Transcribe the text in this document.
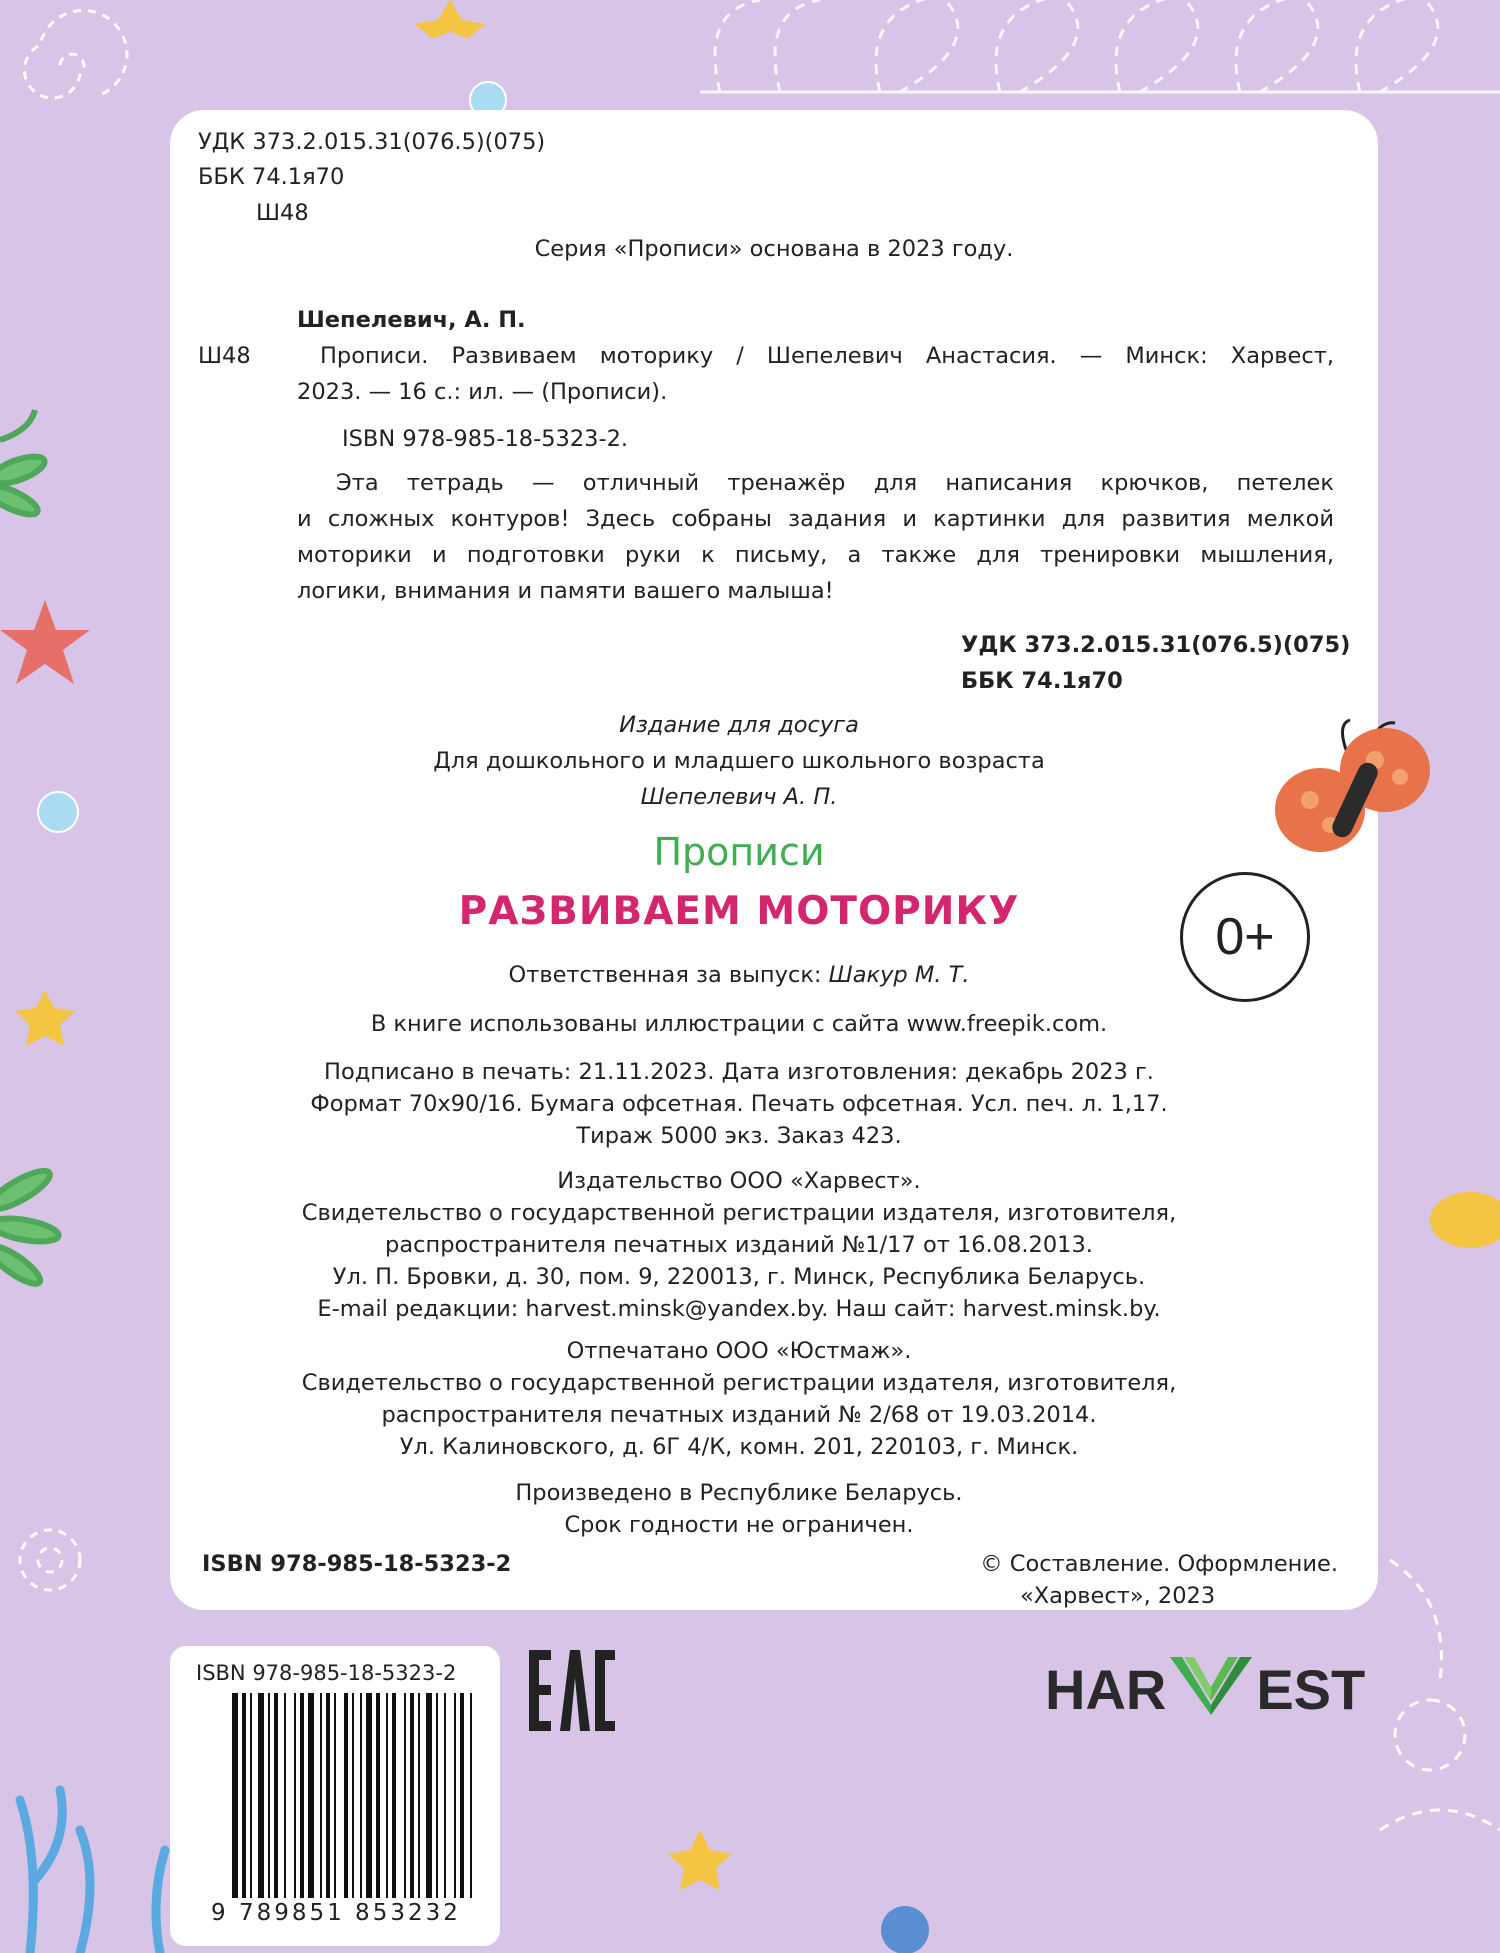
УДК 373.2.015.31(076.5)(075)
ББК 74.1я70
Ш48
Серия «Прописи» основана в 2023 году.
Шепелевич, А. П.
Ш48	Прописи. Развиваем моторику / Шепелевич Анастасия. — Минск: Харвест,
2023. — 16 с.: ил. — (Прописи).
ISBN 978-985-18-5323-2.
Эта тетрадь — отличный тренажёр для написания крючков, петелек
и сложных контуров! Здесь собраны задания и картинки для развития мелкой
моторики и подготовки руки к письму, а также для тренировки мышления,
логики, внимания и памяти вашего малыша!
УДК 373.2.015.31(076.5)(075)
ББК 74.1я70
Издание для досуга
Для дошкольного и младшего школьного возраста
Шепелевич А. П.
Прописи
РАЗВИВАЕМ МОТОРИКУ	0+
Ответственная за выпуск: Шакур М. Т.
В книге использованы иллюстрации с сайта www.freepik.com.
Подписано в печать: 21.11.2023. Дата изготовления: декабрь 2023 г.
Формат 70х90/16. Бумага офсетная. Печать офсетная. Усл. печ. л. 1,17.
Тираж 5000 экз. Заказ 423.
Издательство ООО «Харвест».
Свидетельство о государственной регистрации издателя, изготовителя,
распространителя печатных изданий №1/17 от 16.08.2013.
Ул. П. Бровки, д. 30, пом. 9, 220013, г. Минск, Республика Беларусь.
E-mail редакции: harvest.minsk@yandex.by. Наш сайт: harvest.minsk.by.
Отпечатано ООО «Юстмаж».
Свидетельство о государственной регистрации издателя, изготовителя,
распространителя печатных изданий № 2/68 от 19.03.2014.
Ул. Калиновского, д. 6Г 4/К, комн. 201, 220103, г. Минск.
Произведено в Республике Беларусь.
Срок годности не ограничен.
ISBN 978-985-18-5323-2	© Составление. Оформление.
«Харвест», 2023
ISBN 978-985-18-5323-2
9 789851 853232
HAR EST
